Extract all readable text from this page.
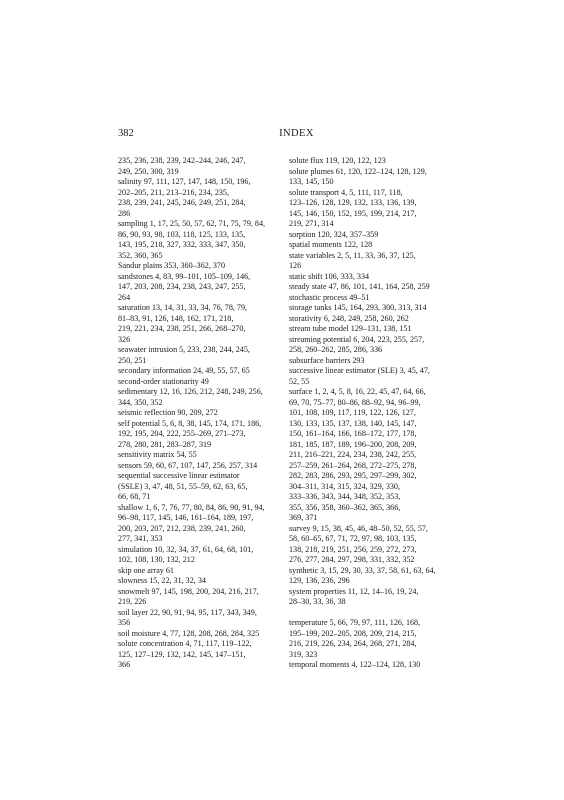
382	INDEX
235, 236, 238, 239, 242–244, 246, 247,
249, 250, 300, 319
salinity 97, 111, 127, 147, 148, 150, 196,
202–205, 211, 213–216, 234, 235,
238, 239, 241, 245, 246, 249, 251, 284,
286
sampling 1, 17, 25, 50, 57, 62, 71, 75, 79, 84,
86, 90, 93, 98, 103, 118, 125, 133, 135,
143, 195, 218, 327, 332, 333, 347, 350,
352, 360, 365
Sandur plains 353, 360–362, 370
sandstones 4, 83, 99–101, 105–109, 146,
147, 203, 208, 234, 238, 243, 247, 255,
264
saturation 13, 14, 31, 33, 34, 76, 78, 79,
81–83, 91, 126, 148, 162, 171, 218,
219, 221, 234, 238, 251, 266, 268–270,
326
seawater intrusion 5, 233, 238, 244, 245,
250, 251
secondary information 24, 49, 55, 57, 65
second-order stationarity 49
sedimentary 12, 16, 126, 212, 248, 249, 256,
344, 350, 352
seismic reflection 90, 209, 272
self potential 5, 6, 8, 38, 145, 174, 171, 186,
192, 195, 204, 222, 255–269, 271–273,
278, 280, 281, 283–287, 319
sensitivity matrix 54, 55
sensors 59, 60, 67, 107, 147, 256, 257, 314
sequential successive linear estimator
(SSLE) 3, 47, 48, 51, 55–59, 62, 63, 65,
66, 68, 71
shallow 1, 6, 7, 76, 77, 80, 84, 86, 90, 91, 94,
96–98, 117, 145, 146, 161–164, 189, 197,
200, 203, 207, 212, 238, 239, 241, 260,
277, 341, 353
simulation 10, 32, 34, 37, 61, 64, 68, 101,
102, 108, 130, 132, 212
skip one array 61
slowness 15, 22, 31, 32, 34
snowmelt 97, 145, 198, 200, 204, 216, 217,
219, 226
soil layer 22, 90, 91, 94, 95, 117, 343, 349,
356
soil moisture 4, 77, 128, 208, 268, 284, 325
solute concentration 4, 71, 117, 119–122,
125, 127–129, 132, 142, 145, 147–151,
366
solute flux 119, 120, 122, 123
solute plumes 61, 120, 122–124, 128, 129,
133, 145, 150
solute transport 4, 5, 111, 117, 118,
123–126, 128, 129, 132, 133, 136, 139,
145, 146, 150, 152, 195, 199, 214, 217,
219, 271, 314
sorption 120, 324, 357–359
spatial moments 122, 128
state variables 2, 5, 11, 33, 36, 37, 125,
126
static shift 106, 333, 334
steady state 47, 86, 101, 141, 164, 258, 259
stochastic process 49–51
storage tanks 145, 164, 293, 300, 313, 314
storativity 6, 248, 249, 258, 260, 262
stream tube model 129–131, 138, 151
streaming potential 6, 204, 223, 255, 257,
258, 260–262, 285, 286, 336
subsurface barriers 293
successive linear estimator (SLE) 3, 45, 47,
52, 55
surface 1, 2, 4, 5, 8, 16, 22, 45, 47, 64, 66,
69, 70, 75–77, 80–86, 88–92, 94, 96–99,
101, 108, 109, 117, 119, 122, 126, 127,
130, 133, 135, 137, 138, 140, 145, 147,
150, 161–164, 166, 168–172, 177, 178,
181, 185, 187, 189, 196–200, 208, 209,
211, 216–221, 224, 234, 238, 242, 255,
257–259, 261–264, 268, 272–275, 278,
282, 283, 286, 293, 295, 297–299, 302,
304–311, 314, 315, 324, 329, 330,
333–336, 343, 344, 348, 352, 353,
355, 356, 358, 360–362, 365, 366,
369, 371
survey 9, 15, 38, 45, 46, 48–50, 52, 55, 57,
58, 60–65, 67, 71, 72, 97, 98, 103, 135,
138, 218, 219, 251, 256, 259, 272, 273,
276, 277, 284, 297, 298, 331, 332, 352
synthetic 3, 15, 29, 30, 33, 37, 58, 61, 63, 64,
129, 136, 236, 296
system properties 11, 12, 14–16, 19, 24,
28–30, 33, 36, 38
temperature 5, 66, 79, 97, 111, 126, 168,
195–199, 202–205, 208, 209, 214, 215,
216, 219, 226, 234, 264, 268, 271, 284,
319, 323
temporal moments 4, 122–124, 128, 130
